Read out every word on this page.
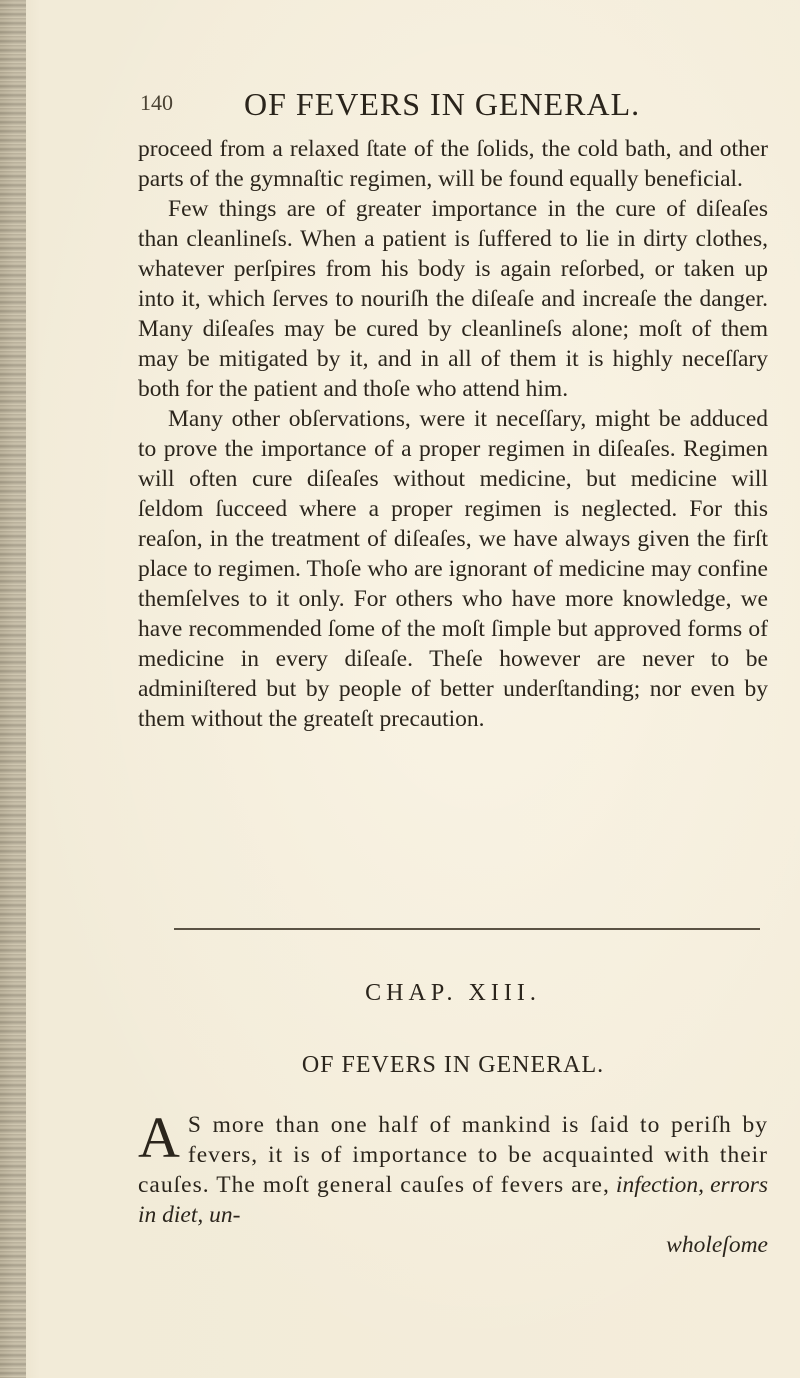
140 OF FEVERS IN GENERAL.

proceed from a relaxed ſtate of the ſolids, the cold bath, and other parts of the gymnaſtic regimen, will be found equally beneficial.

Few things are of greater importance in the cure of diſeaſes than cleanlineſs. When a patient is ſuffered to lie in dirty clothes, whatever perſpires from his body is again reſorbed, or taken up into it, which ſerves to nouriſh the diſeaſe and increaſe the danger. Many diſeaſes may be cured by cleanlineſs alone; moſt of them may be mitigated by it, and in all of them it is highly neceſſary both for the patient and thoſe who attend him.

Many other obſervations, were it neceſſary, might be adduced to prove the importance of a proper regimen in diſeaſes. Regimen will often cure diſeaſes without medicine, but medicine will ſeldom ſucceed where a proper regimen is neglected. For this reaſon, in the treatment of diſeaſes, we have always given the firſt place to regimen. Thoſe who are ignorant of medicine may confine themſelves to it only. For others who have more knowledge, we have recommended ſome of the moſt ſimple but approved forms of medicine in every diſeaſe. Theſe however are never to be adminiſtered but by people of better underſtanding; nor even by them without the greateſt precaution.

CHAP. XIII.
OF FEVERS IN GENERAL.
A S more than one half of mankind is ſaid to periſh by fevers, it is of importance to be acquainted with their cauſes. The moſt general cauſes of fevers are, infection, errors in diet, un-
wholeſome
